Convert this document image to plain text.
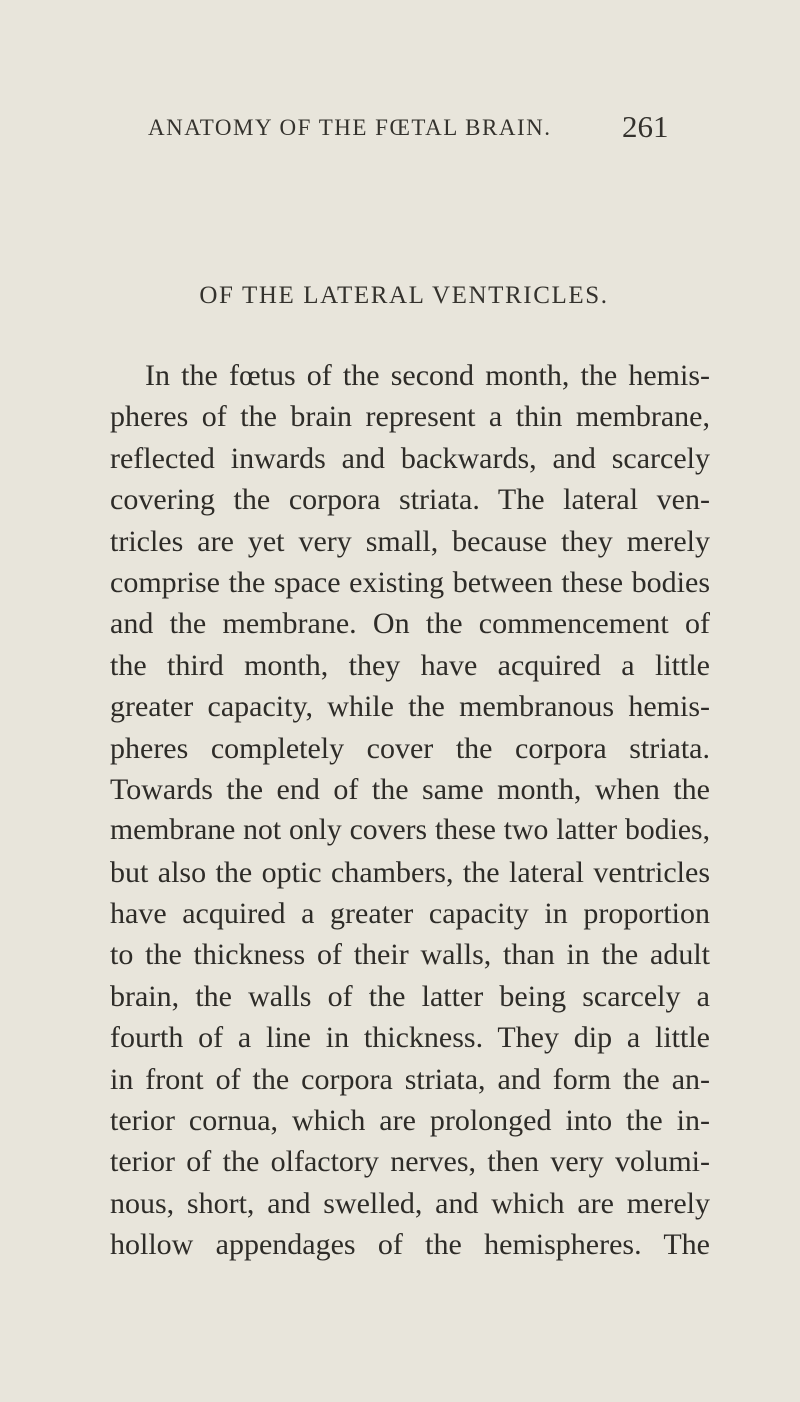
ANATOMY OF THE FŒTAL BRAIN. 261
OF THE LATERAL VENTRICLES.
In the fœtus of the second month, the hemis-
pheres of the brain represent a thin membrane,
reflected inwards and backwards, and scarcely
covering the corpora striata. The lateral ven-
tricles are yet very small, because they merely
comprise the space existing between these bodies
and the membrane. On the commencement of
the third month, they have acquired a little
greater capacity, while the membranous hemis-
pheres completely cover the corpora striata.
Towards the end of the same month, when the
membrane not only covers these two latter bodies,
but also the optic chambers, the lateral ventricles
have acquired a greater capacity in proportion
to the thickness of their walls, than in the adult
brain, the walls of the latter being scarcely a
fourth of a line in thickness. They dip a little
in front of the corpora striata, and form the an-
terior cornua, which are prolonged into the in-
terior of the olfactory nerves, then very volumi-
nous, short, and swelled, and which are merely
hollow appendages of the hemispheres. The
